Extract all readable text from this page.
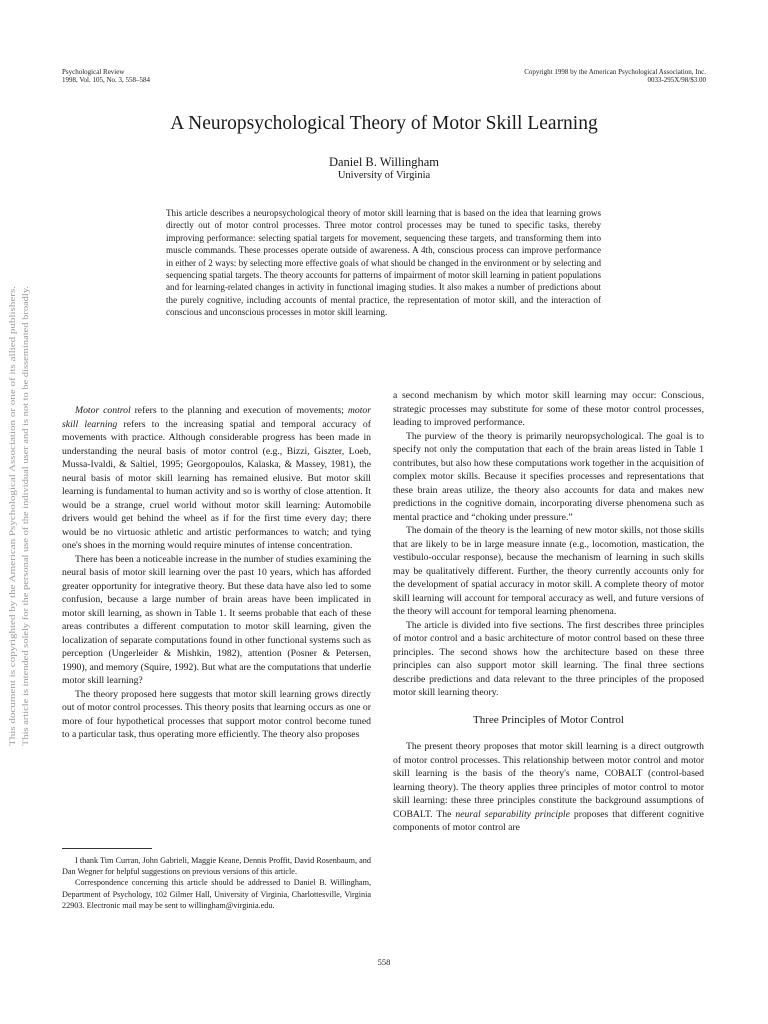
Psychological Review
1998, Vol. 105, No. 3, 558–584
Copyright 1998 by the American Psychological Association, Inc.
0033-295X/98/$3.00
A Neuropsychological Theory of Motor Skill Learning
Daniel B. Willingham
University of Virginia
This article describes a neuropsychological theory of motor skill learning that is based on the idea that learning grows directly out of motor control processes. Three motor control processes may be tuned to specific tasks, thereby improving performance: selecting spatial targets for movement, sequencing these targets, and transforming them into muscle commands. These processes operate outside of awareness. A 4th, conscious process can improve performance in either of 2 ways: by selecting more effective goals of what should be changed in the environment or by selecting and sequencing spatial targets. The theory accounts for patterns of impairment of motor skill learning in patient populations and for learning-related changes in activity in functional imaging studies. It also makes a number of predictions about the purely cognitive, including accounts of mental practice, the representation of motor skill, and the interaction of conscious and unconscious processes in motor skill learning.

Motor control refers to the planning and execution of movements; motor skill learning refers to the increasing spatial and temporal accuracy of movements with practice. Although considerable progress has been made in understanding the neural basis of motor control (e.g., Bizzi, Giszter, Loeb, Mussa-Ivaldi, & Saltiel, 1995; Georgopoulos, Kalaska, & Massey, 1981), the neural basis of motor skill learning has remained elusive. But motor skill learning is fundamental to human activity and so is worthy of close attention. It would be a strange, cruel world without motor skill learning: Automobile drivers would get behind the wheel as if for the first time every day; there would be no virtuosic athletic and artistic performances to watch; and tying one's shoes in the morning would require minutes of intense concentration.

There has been a noticeable increase in the number of studies examining the neural basis of motor skill learning over the past 10 years, which has afforded greater opportunity for integrative theory. But these data have also led to some confusion, because a large number of brain areas have been implicated in motor skill learning, as shown in Table 1. It seems probable that each of these areas contributes a different computation to motor skill learning, given the localization of separate computations found in other functional systems such as perception (Ungerleider & Mishkin, 1982), attention (Posner & Petersen, 1990), and memory (Squire, 1992). But what are the computations that underlie motor skill learning?

The theory proposed here suggests that motor skill learning grows directly out of motor control processes. This theory posits that learning occurs as one or more of four hypothetical processes that support motor control become tuned to a particular task, thus operating more efficiently. The theory also proposes

I thank Tim Curran, John Gabrieli, Maggie Keane, Dennis Proffit, David Rosenbaum, and Dan Wegner for helpful suggestions on previous versions of this article.

Correspondence concerning this article should be addressed to Daniel B. Willingham, Department of Psychology, 102 Gilmer Hall, University of Virginia, Charlottesville, Virginia 22903. Electronic mail may be sent to willingham@virginia.edu.

a second mechanism by which motor skill learning may occur: Conscious, strategic processes may substitute for some of these motor control processes, leading to improved performance.

The purview of the theory is primarily neuropsychological. The goal is to specify not only the computation that each of the brain areas listed in Table 1 contributes, but also how these computations work together in the acquisition of complex motor skills. Because it specifies processes and representations that these brain areas utilize, the theory also accounts for data and makes new predictions in the cognitive domain, incorporating diverse phenomena such as mental practice and “choking under pressure.”

The domain of the theory is the learning of new motor skills, not those skills that are likely to be in large measure innate (e.g., locomotion, mastication, the vestibulo-occular response), because the mechanism of learning in such skills may be qualitatively different. Further, the theory currently accounts only for the development of spatial accuracy in motor skill. A complete theory of motor skill learning will account for temporal accuracy as well, and future versions of the theory will account for temporal learning phenomena.

The article is divided into five sections. The first describes three principles of motor control and a basic architecture of motor control based on these three principles. The second shows how the architecture based on these three principles can also support motor skill learning. The final three sections describe predictions and data relevant to the three principles of the proposed motor skill learning theory.

Three Principles of Motor Control

The present theory proposes that motor skill learning is a direct outgrowth of motor control processes. This relationship between motor control and motor skill learning is the basis of the theory's name, COBALT (control-based learning theory). The theory applies three principles of motor control to motor skill learning: these three principles constitute the background assumptions of COBALT. The neural separability principle proposes that different cognitive components of motor control are

558
This document is copyrighted by the American Psychological Association or one of its allied publishers. This article is intended solely for the personal use of the individual user and is not to be disseminated broadly.
